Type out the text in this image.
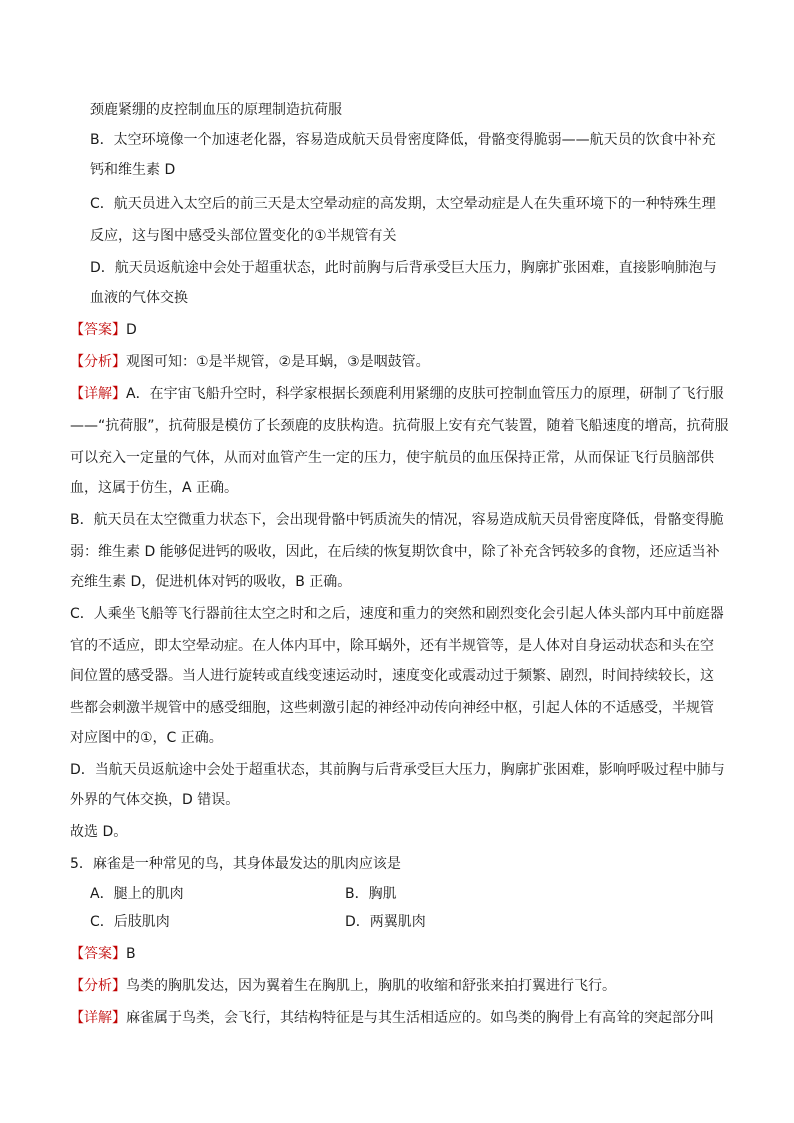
颈鹿紧绷的皮控制血压的原理制造抗荷服
B．太空环境像一个加速老化器，容易造成航天员骨密度降低，骨骼变得脆弱——航天员的饮食中补充
钙和维生素 D
C．航天员进入太空后的前三天是太空晕动症的高发期，太空晕动症是人在失重环境下的一种特殊生理
反应，这与图中感受头部位置变化的①半规管有关
D．航天员返航途中会处于超重状态，此时前胸与后背承受巨大压力，胸廓扩张困难，直接影响肺泡与
血液的气体交换
【答案】D
【分析】观图可知：①是半规管，②是耳蜗，③是咽鼓管。
【详解】A．在宇宙飞船升空时，科学家根据长颈鹿利用紧绷的皮肤可控制血管压力的原理，研制了飞行服
——“抗荷服”，抗荷服是模仿了长颈鹿的皮肤构造。抗荷服上安有充气装置，随着飞船速度的增高，抗荷服
可以充入一定量的气体，从而对血管产生一定的压力，使宇航员的血压保持正常，从而保证飞行员脑部供
血，这属于仿生，A 正确。
B．航天员在太空微重力状态下，会出现骨骼中钙质流失的情况，容易造成航天员骨密度降低，骨骼变得脆
弱：维生素 D 能够促进钙的吸收，因此，在后续的恢复期饮食中，除了补充含钙较多的食物，还应适当补
充维生素 D，促进机体对钙的吸收，B 正确。
C．人乘坐飞船等飞行器前往太空之时和之后，速度和重力的突然和剧烈变化会引起人体头部内耳中前庭器
官的不适应，即太空晕动症。在人体内耳中，除耳蜗外，还有半规管等，是人体对自身运动状态和头在空
间位置的感受器。当人进行旋转或直线变速运动时，速度变化或震动过于频繁、剧烈，时间持续较长，这
些都会刺激半规管中的感受细胞，这些刺激引起的神经冲动传向神经中枢，引起人体的不适感受，半规管
对应图中的①，C 正确。
D．当航天员返航途中会处于超重状态，其前胸与后背承受巨大压力，胸廓扩张困难，影响呼吸过程中肺与
外界的气体交换，D 错误。
故选 D。
5．麻雀是一种常见的鸟，其身体最发达的肌肉应该是
A．腿上的肌肉	B．胸肌
C．后肢肌肉	D．两翼肌肉
【答案】B
【分析】鸟类的胸肌发达，因为翼着生在胸肌上，胸肌的收缩和舒张来拍打翼进行飞行。
【详解】麻雀属于鸟类，会飞行，其结构特征是与其生活相适应的。如鸟类的胸骨上有高耸的突起部分叫
